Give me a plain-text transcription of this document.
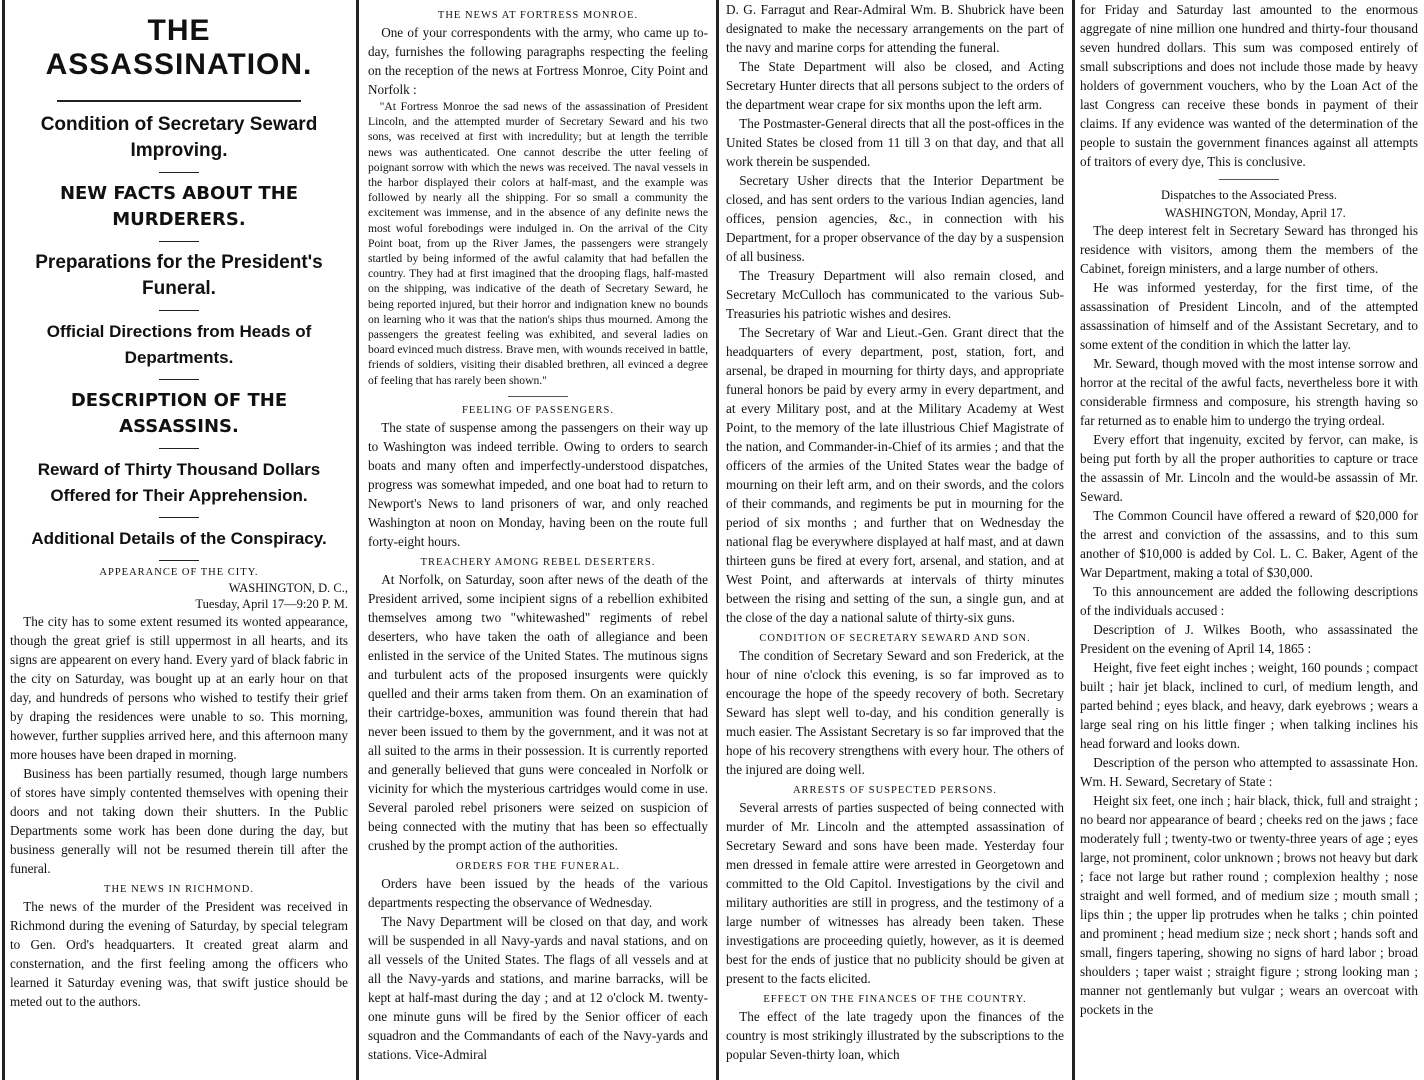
THE ASSASSINATION.
Condition of Secretary Seward Improving.
NEW FACTS ABOUT THE MURDERERS.
Preparations for the President's Funeral.
Official Directions from Heads of Departments.
DESCRIPTION OF THE ASSASSINS.
Reward of Thirty Thousand Dollars Offered for Their Apprehension.
Additional Details of the Conspiracy.
APPEARANCE OF THE CITY.

WASHINGTON, D. C.,

Tuesday, April 17—9:20 P. M.

The city has to some extent resumed its wonted appearance, though the great grief is still uppermost in all hearts, and its signs are appearent on every hand. Every yard of black fabric in the city on Saturday, was bought up at an early hour on that day, and hundreds of persons who wished to testify their grief by draping the residences were unable to so. This morning, however, further supplies arrived here, and this afternoon many more houses have been draped in morning.

Business has been partially resumed, though large numbers of stores have simply contented themselves with opening their doors and not taking down their shutters. In the Public Departments some work has been done during the day, but business generally will not be resumed therein till after the funeral.

THE NEWS IN RICHMOND.

The news of the murder of the President was received in Richmond during the evening of Saturday, by special telegram to Gen. Ord's headquarters. It created great alarm and consternation, and the first feeling among the officers who learned it Saturday evening was, that swift justice should be meted out to the authors.

THE NEWS AT FORTRESS MONROE.

One of your correspondents with the army, who came up to-day, furnishes the following paragraphs respecting the feeling on the reception of the news at Fortress Monroe, City Point and Norfolk :

"At Fortress Monroe the sad news of the assassination of President Lincoln, and the attempted murder of Secretary Seward and his two sons, was received at first with incredulity; but at length the terrible news was authenticated. One cannot describe the utter feeling of poignant sorrow with which the news was received. The naval vessels in the harbor displayed their colors at half-mast, and the example was followed by nearly all the shipping. For so small a community the excitement was immense, and in the absence of any definite news the most woful forebodings were indulged in. On the arrival of the City Point boat, from up the River James, the passengers were strangely startled by being informed of the awful calamity that had befallen the country. They had at first imagined that the drooping flags, half-masted on the shipping, was indicative of the death of Secretary Seward, he being reported injured, but their horror and indignation knew no bounds on learning who it was that the nation's ships thus mourned. Among the passengers the greatest feeling was exhibited, and several ladies on board evinced much distress. Brave men, with wounds received in battle, friends of soldiers, visiting their disabled brethren, all evinced a degree of feeling that has rarely been shown."

FEELING OF PASSENGERS.

The state of suspense among the passengers on their way up to Washington was indeed terrible. Owing to orders to search boats and many often and imperfectly-understood dispatches, progress was somewhat impeded, and one boat had to return to Newport's News to land prisoners of war, and only reached Washington at noon on Monday, having been on the route full forty-eight hours.

TREACHERY AMONG REBEL DESERTERS.

At Norfolk, on Saturday, soon after news of the death of the President arrived, some incipient signs of a rebellion exhibited themselves among two "whitewashed" regiments of rebel deserters, who have taken the oath of allegiance and been enlisted in the service of the United States. The mutinous signs and turbulent acts of the proposed insurgents were quickly quelled and their arms taken from them. On an examination of their cartridge-boxes, ammunition was found therein that had never been issued to them by the government, and it was not at all suited to the arms in their possession. It is currently reported and generally believed that guns were concealed in Norfolk or vicinity for which the mysterious cartridges would come in use. Several paroled rebel prisoners were seized on suspicion of being connected with the mutiny that has been so effectually crushed by the prompt action of the authorities.

ORDERS FOR THE FUNERAL.

Orders have been issued by the heads of the various departments respecting the observance of Wednesday.

The Navy Department will be closed on that day, and work will be suspended in all Navy-yards and naval stations, and on all vessels of the United States. The flags of all vessels and at all the Navy-yards and stations, and marine barracks, will be kept at half-mast during the day ; and at 12 o'clock M. twenty-one minute guns will be fired by the Senior officer of each squadron and the Commandants of each of the Navy-yards and stations. Vice-Admiral

D. G. Farragut and Rear-Admiral Wm. B. Shubrick have been designated to make the necessary arrangements on the part of the navy and marine corps for attending the funeral.

The State Department will also be closed, and Acting Secretary Hunter directs that all persons subject to the orders of the department wear crape for six months upon the left arm.

The Postmaster-General directs that all the post-offices in the United States be closed from 11 till 3 on that day, and that all work therein be suspended.

Secretary Usher directs that the Interior Department be closed, and has sent orders to the various Indian agencies, land offices, pension agencies, &c., in connection with his Department, for a proper observance of the day by a suspension of all business.

The Treasury Department will also remain closed, and Secretary McCulloch has communicated to the various Sub-Treasuries his patriotic wishes and desires.

The Secretary of War and Lieut.-Gen. Grant direct that the headquarters of every department, post, station, fort, and arsenal, be draped in mourning for thirty days, and appropriate funeral honors be paid by every army in every department, and at every Military post, and at the Military Academy at West Point, to the memory of the late illustrious Chief Magistrate of the nation, and Commander-in-Chief of its armies ; and that the officers of the armies of the United States wear the badge of mourning on their left arm, and on their swords, and the colors of their commands, and regiments be put in mourning for the period of six months ; and further that on Wednesday the national flag be everywhere displayed at half mast, and at dawn thirteen guns be fired at every fort, arsenal, and station, and at West Point, and afterwards at intervals of thirty minutes between the rising and setting of the sun, a single gun, and at the close of the day a national salute of thirty-six guns.

CONDITION OF SECRETARY SEWARD AND SON.

The condition of Secretary Seward and son Frederick, at the hour of nine o'clock this evening, is so far improved as to encourage the hope of the speedy recovery of both. Secretary Seward has slept well to-day, and his condition generally is much easier. The Assistant Secretary is so far improved that the hope of his recovery strengthens with every hour. The others of the injured are doing well.

ARRESTS OF SUSPECTED PERSONS.

Several arrests of parties suspected of being connected with murder of Mr. Lincoln and the attempted assassination of Secretary Seward and sons have been made. Yesterday four men dressed in female attire were arrested in Georgetown and committed to the Old Capitol. Investigations by the civil and military authorities are still in progress, and the testimony of a large number of witnesses has already been taken. These investigations are proceeding quietly, however, as it is deemed best for the ends of justice that no publicity should be given at present to the facts elicited.

EFFECT ON THE FINANCES OF THE COUNTRY.

The effect of the late tragedy upon the finances of the country is most strikingly illustrated by the subscriptions to the popular Seven-thirty loan, which

for Friday and Saturday last amounted to the enormous aggregate of nine million one hundred and thirty-four thousand seven hundred dollars. This sum was composed entirely of small subscriptions and does not include those made by heavy holders of government vouchers, who by the Loan Act of the last Congress can receive these bonds in payment of their claims. If any evidence was wanted of the determination of the people to sustain the government finances against all attempts of traitors of every dye, This is conclusive.

Dispatches to the Associated Press.

WASHINGTON, Monday, April 17.

The deep interest felt in Secretary Seward has thronged his residence with visitors, among them the members of the Cabinet, foreign ministers, and a large number of others.

He was informed yesterday, for the first time, of the assassination of President Lincoln, and of the attempted assassination of himself and of the Assistant Secretary, and to some extent of the condition in which the latter lay.

Mr. Seward, though moved with the most intense sorrow and horror at the recital of the awful facts, nevertheless bore it with considerable firmness and composure, his strength having so far returned as to enable him to undergo the trying ordeal.

Every effort that ingenuity, excited by fervor, can make, is being put forth by all the proper authorities to capture or trace the assassin of Mr. Lincoln and the would-be assassin of Mr. Seward.

The Common Council have offered a reward of $20,000 for the arrest and conviction of the assassins, and to this sum another of $10,000 is added by Col. L. C. Baker, Agent of the War Department, making a total of $30,000.

To this announcement are added the following descriptions of the individuals accused :

Description of J. Wilkes Booth, who assassinated the President on the evening of April 14, 1865 :

Height, five feet eight inches ; weight, 160 pounds ; compact built ; hair jet black, inclined to curl, of medium length, and parted behind ; eyes black, and heavy, dark eyebrows ; wears a large seal ring on his little finger ; when talking inclines his head forward and looks down.

Description of the person who attempted to assassinate Hon. Wm. H. Seward, Secretary of State :

Height six feet, one inch ; hair black, thick, full and straight ; no beard nor appearance of beard ; cheeks red on the jaws ; face moderately full ; twenty-two or twenty-three years of age ; eyes large, not prominent, color unknown ; brows not heavy but dark ; face not large but rather round ; complexion healthy ; nose straight and well formed, and of medium size ; mouth small ; lips thin ; the upper lip protrudes when he talks ; chin pointed and prominent ; head medium size ; neck short ; hands soft and small, fingers tapering, showing no signs of hard labor ; broad shoulders ; taper waist ; straight figure ; strong looking man ; manner not gentlemanly but vulgar ; wears an overcoat with pockets in the
